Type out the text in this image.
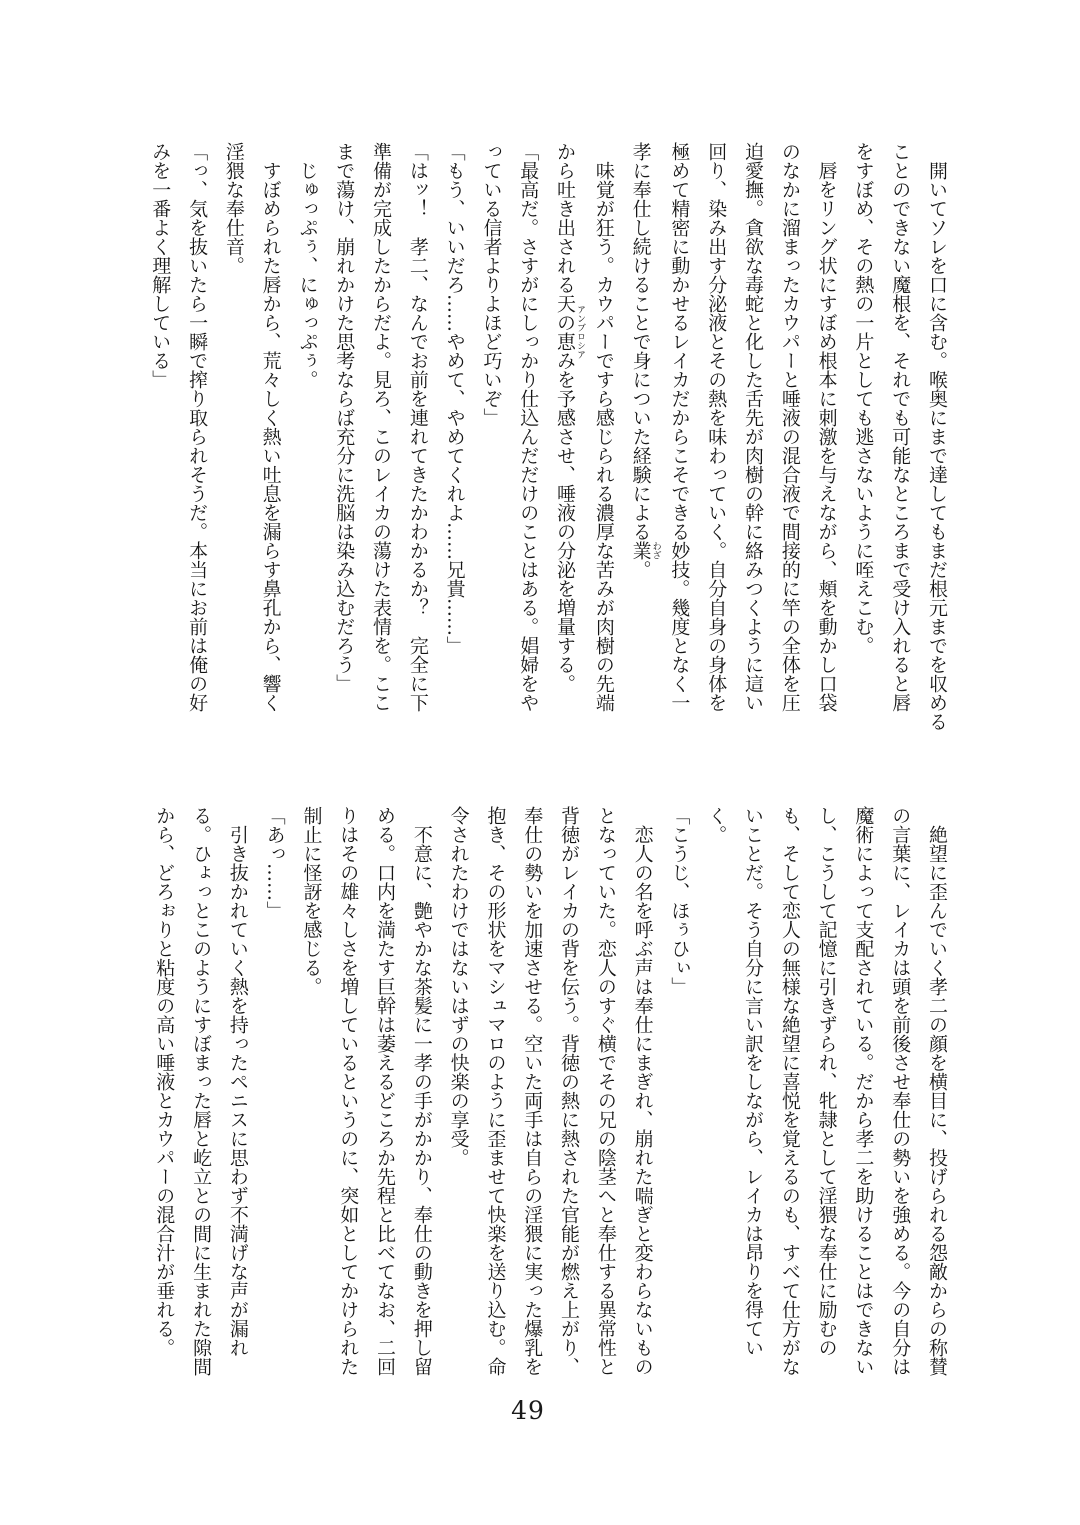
　開いてソレを口に含む。喉奥にまで達してもまだ根元までを収める
ことのできない魔根を、それでも可能なところまで受け入れると唇
をすぼめ、その熱の一片としても逃さないように咥えこむ。
　唇をリング状にすぼめ根本に刺激を与えながら、頬を動かし口袋
のなかに溜まったカウパーと唾液の混合液で間接的に竿の全体を圧
迫愛撫。貪欲な毒蛇と化した舌先が肉樹の幹に絡みつくように這い
回り、染み出す分泌液とその熱を味わっていく。自分自身の身体を
極めて精密に動かせるレイカだからこそできる妙技。幾度となく一
孝に奉仕し続けることで身についた経験による業 わざ。
　味覚が狂う。カウパーですら感じられる濃厚な苦みが肉樹の先端
から吐き出される天の恵み アンブロシアを予感させ、唾液の分泌を増量する。
「最高だ。さすがにしっかり仕込んだだけのことはある。娼婦をや
っている信者よりよほど巧いぞ」
「もう、いいだろ……やめて、やめてくれよ……兄貴……」
「はッ！　孝二、なんでお前を連れてきたかわかるか？　完全に下
準備が完成したからだよ。見ろ、このレイカの蕩けた表情を。ここ
まで蕩け、崩れかけた思考ならば充分に洗脳は染み込むだろう」
　じゅっぷぅ、にゅっぷぅ。
　すぼめられた唇から、荒々しく熱い吐息を漏らす鼻孔から、響く
淫猥な奉仕音。
「っ、気を抜いたら一瞬で搾り取られそうだ。本当にお前は俺の好
みを一番よく理解している」
　絶望に歪んでいく孝二の顔を横目に、投げられる怨敵からの称賛
の言葉に、レイカは頭を前後させ奉仕の勢いを強める。今の自分は
魔術によって支配されている。だから孝二を助けることはできない
し、こうして記憶に引きずられ、牝隷として淫猥な奉仕に励むの
も、そして恋人の無様な絶望に喜悦を覚えるのも、すべて仕方がな
いことだ。そう自分に言い訳をしながら、レイカは昂りを得てい
く。
「こうじ、ほぅひぃ」
　恋人の名を呼ぶ声は奉仕にまぎれ、崩れた喘ぎと変わらないもの
となっていた。恋人のすぐ横でその兄の陰茎へと奉仕する異常性と
背徳がレイカの背を伝う。背徳の熱に熱された官能が燃え上がり、
奉仕の勢いを加速させる。空いた両手は自らの淫猥に実った爆乳を
抱き、その形状をマシュマロのように歪ませて快楽を送り込む。命
令されたわけではないはずの快楽の享受。
　不意に、艶やかな茶髪に一孝の手がかかり、奉仕の動きを押し留
める。口内を満たす巨幹は萎えるどころか先程と比べてなお、二回
りはその雄々しさを増しているというのに、突如としてかけられた
制止に怪訝を感じる。
「あっ……」
　引き抜かれていく熱を持ったペニスに思わず不満げな声が漏れ
る。ひょっとこのようにすぼまった唇と屹立との間に生まれた隙間
から、どろぉりと粘度の高い唾液とカウパーの混合汁が垂れる。
49
